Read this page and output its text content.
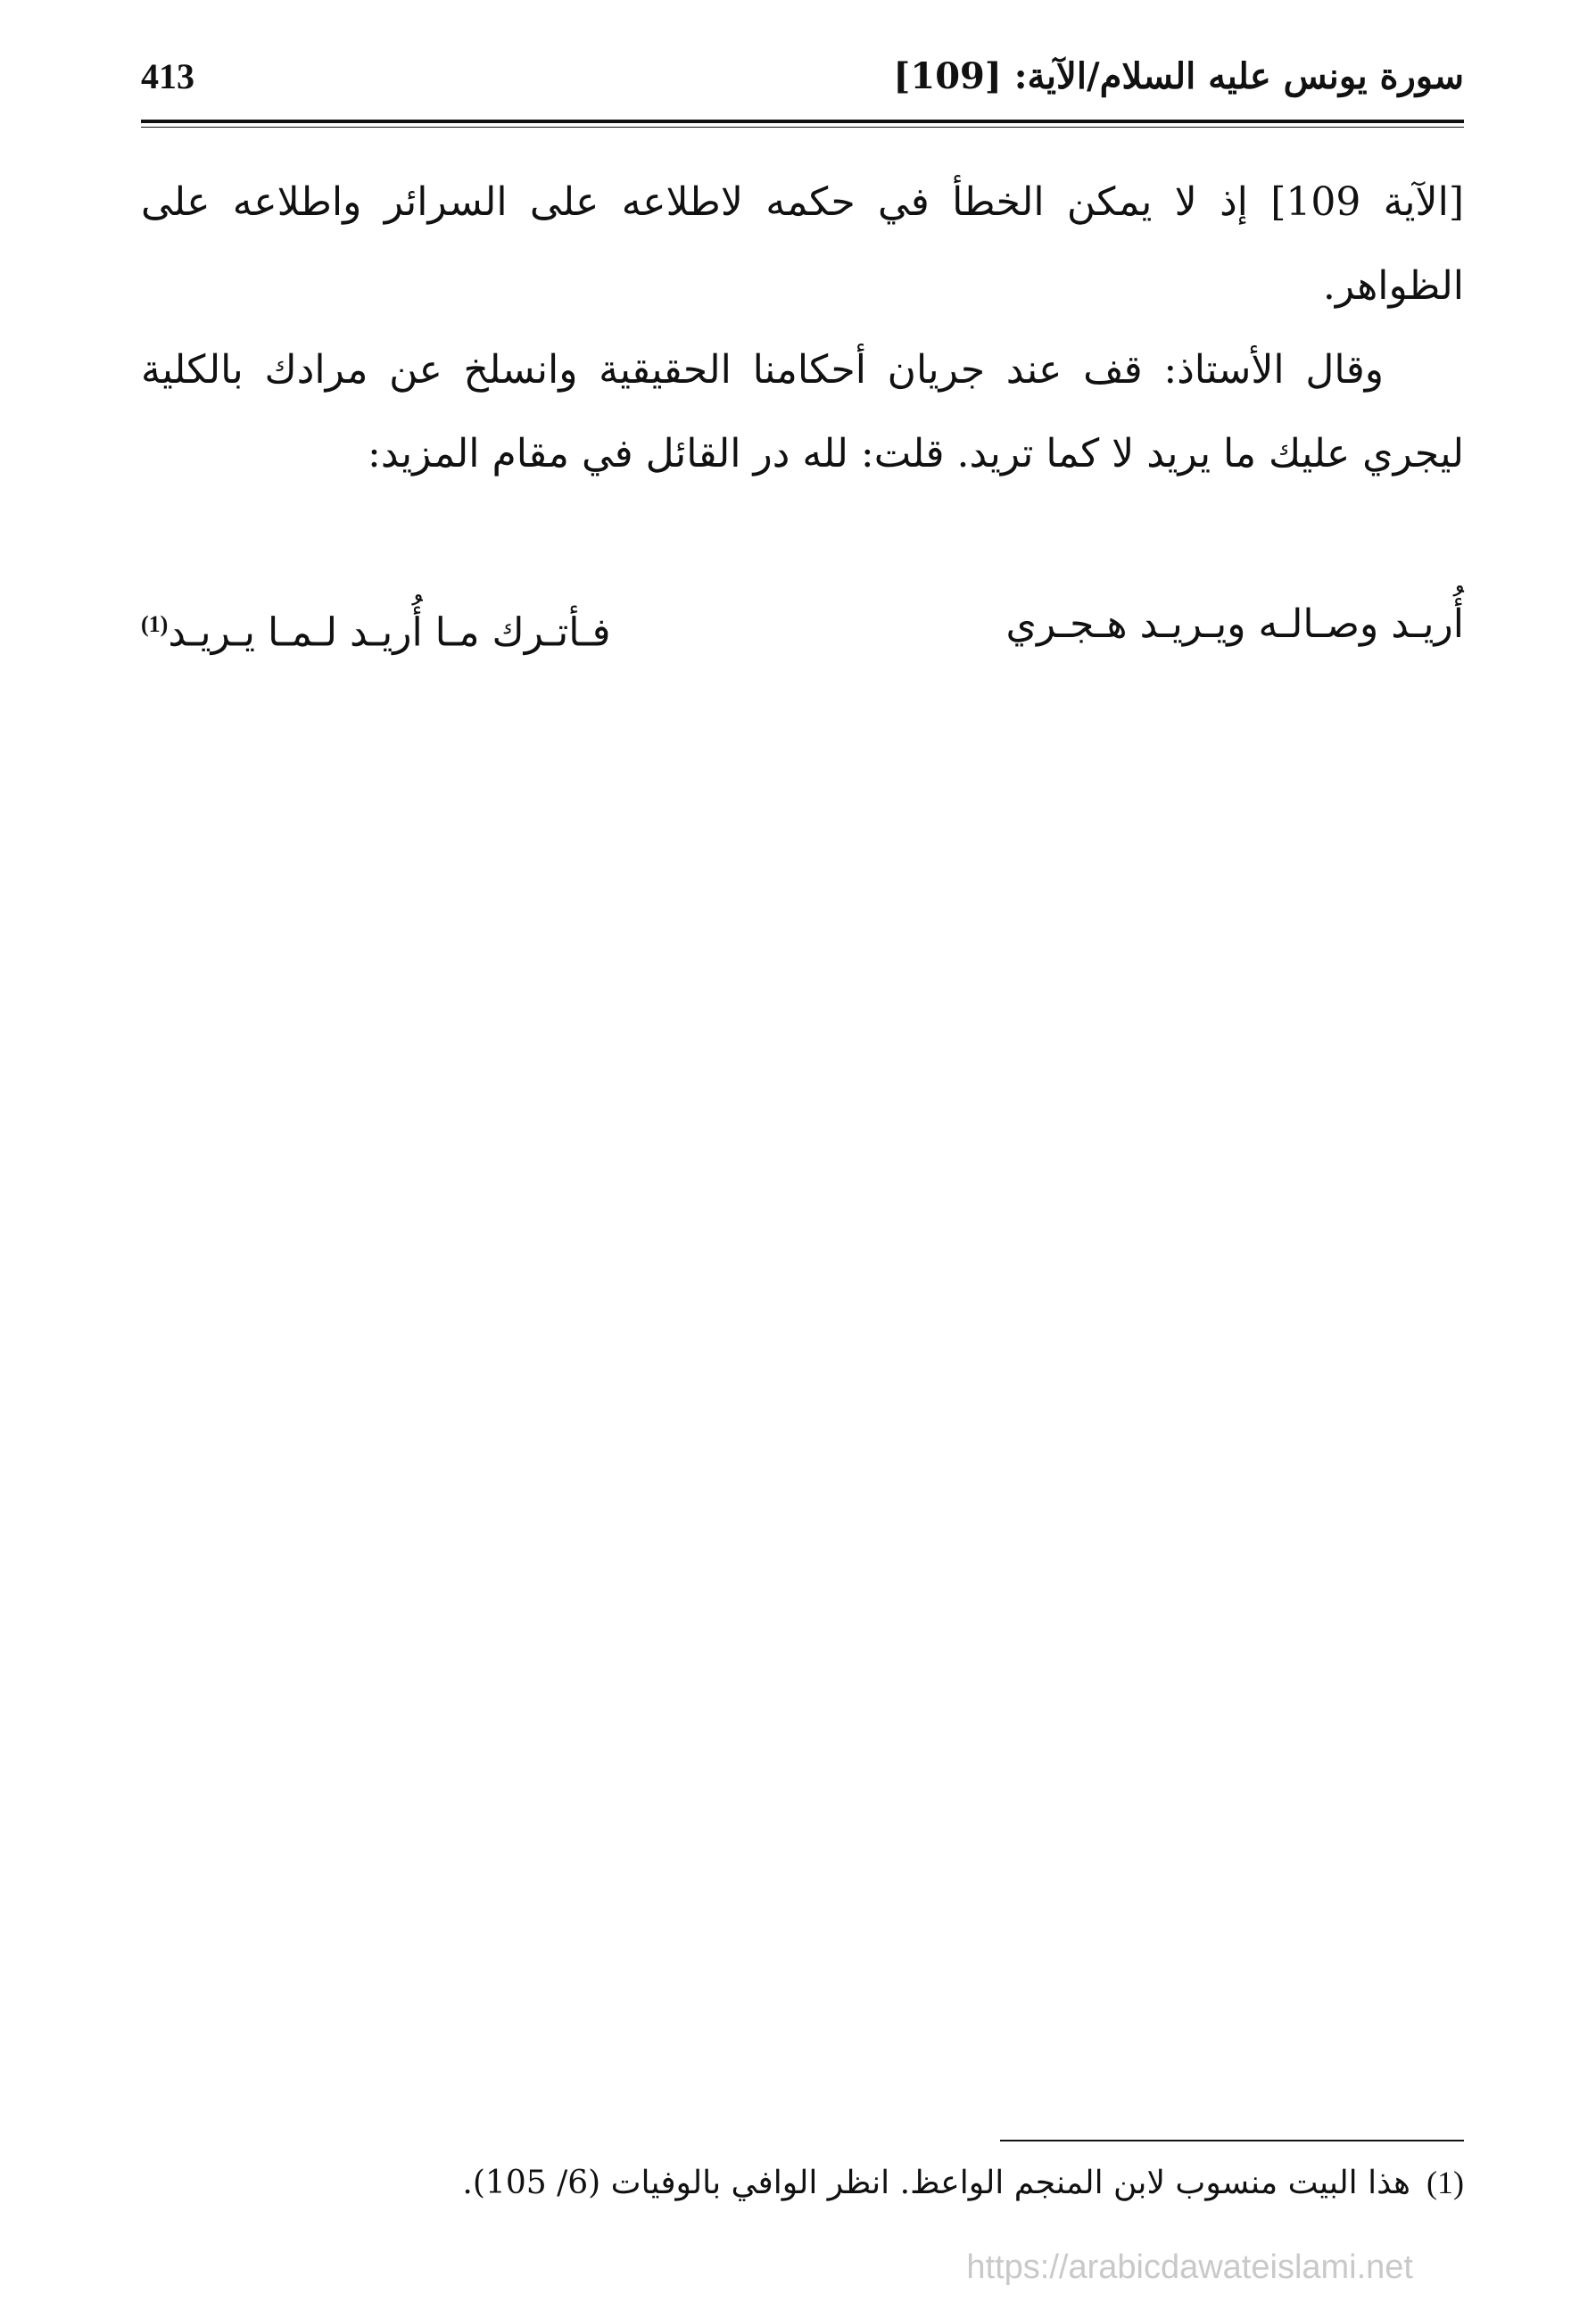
413	سورة يونس عليه السلام/الآية: [109]

[الآية 109] إذ لا يمكن الخطأ في حكمه لاطلاعه على السرائر واطلاعه على الظواهر.

وقال الأستاذ: قف عند جريان أحكامنا الحقيقية وانسلخ عن مرادك بالكلية ليجري عليك ما يريد لا كما تريد. قلت: لله در القائل في مقام المزيد:

أُريـد وصـالـه ويـريـد هـجـري
فـأتـرك مـا أُريـد لـمـا يـريـد$^{(1)}$
(1)هذا البيت منسوب لابن المنجم الواعظ. انظر الوافي بالوفيات (6/ 105).
https://arabicdawateislami.net
